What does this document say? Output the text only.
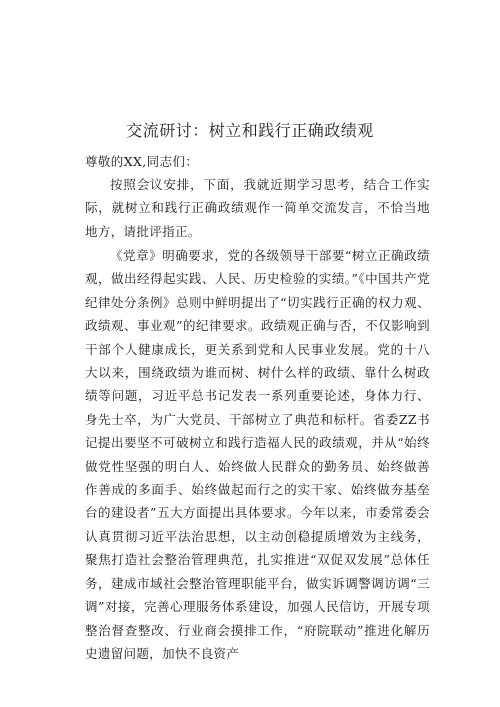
交流研讨：树立和践行正确政绩观
尊敬的XX,同志们：
按照会议安排，下面，我就近期学习思考，结合工作实际，就树立和践行正确政绩观作一简单交流发言，不恰当地地方，请批评指正。
《党章》明确要求，党的各级领导干部要“树立正确政绩观，做出经得起实践、人民、历史检验的实绩。”《中国共产党纪律处分条例》总则中鲜明提出了“切实践行正确的权力观、政绩观、事业观”的纪律要求。政绩观正确与否，不仅影响到干部个人健康成长，更关系到党和人民事业发展。党的十八大以来，围绕政绩为谁而树、树什么样的政绩、靠什么树政绩等问题，习近平总书记发表一系列重要论述，身体力行、身先士卒，为广大党员、干部树立了典范和标杆。省委ZZ书记提出要坚不可破树立和践行造福人民的政绩观，并从“始终做党性坚强的明白人、始终做人民群众的勤务员、始终做善作善成的多面手、始终做起而行之的实干家、始终做夯基垒台的建设者”五大方面提出具体要求。今年以来，市委常委会认真贯彻习近平法治思想，以主动创稳提质增效为主线务，聚焦打造社会整治管理典范，扎实推进“双促双发展”总体任务，建成市域社会整治管理职能平台，做实诉调警调访调“三调”对接，完善心理服务体系建设，加强人民信访，开展专项整治督查整改、行业商会摸排工作，“府院联动”推进化解历史遗留问题，加快不良资产
